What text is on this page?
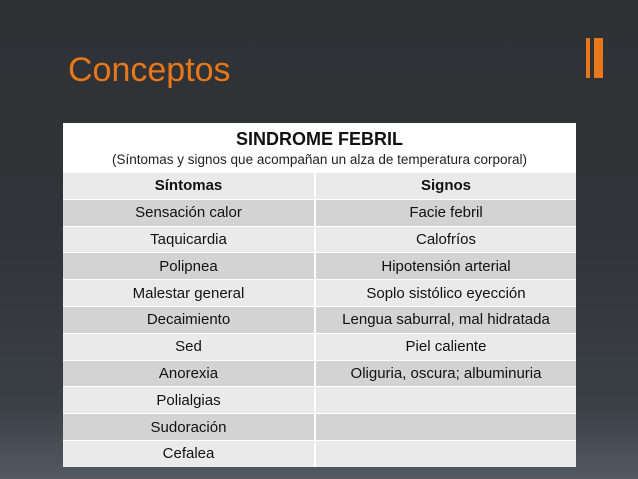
Conceptos
SINDROME FEBRIL
(Síntomas y signos que acompañan un alza de temperatura corporal)
Síntomas	Signos
Sensación calor	Facie febril
Taquicardia	Calofríos
Polipnea	Hipotensión arterial
Malestar general	Soplo sistólico eyección
Decaimiento	Lengua saburral, mal hidratada
Sed	Piel caliente
Anorexia	Oliguria, oscura; albuminuria
Polialgias
Sudoración
Cefalea
